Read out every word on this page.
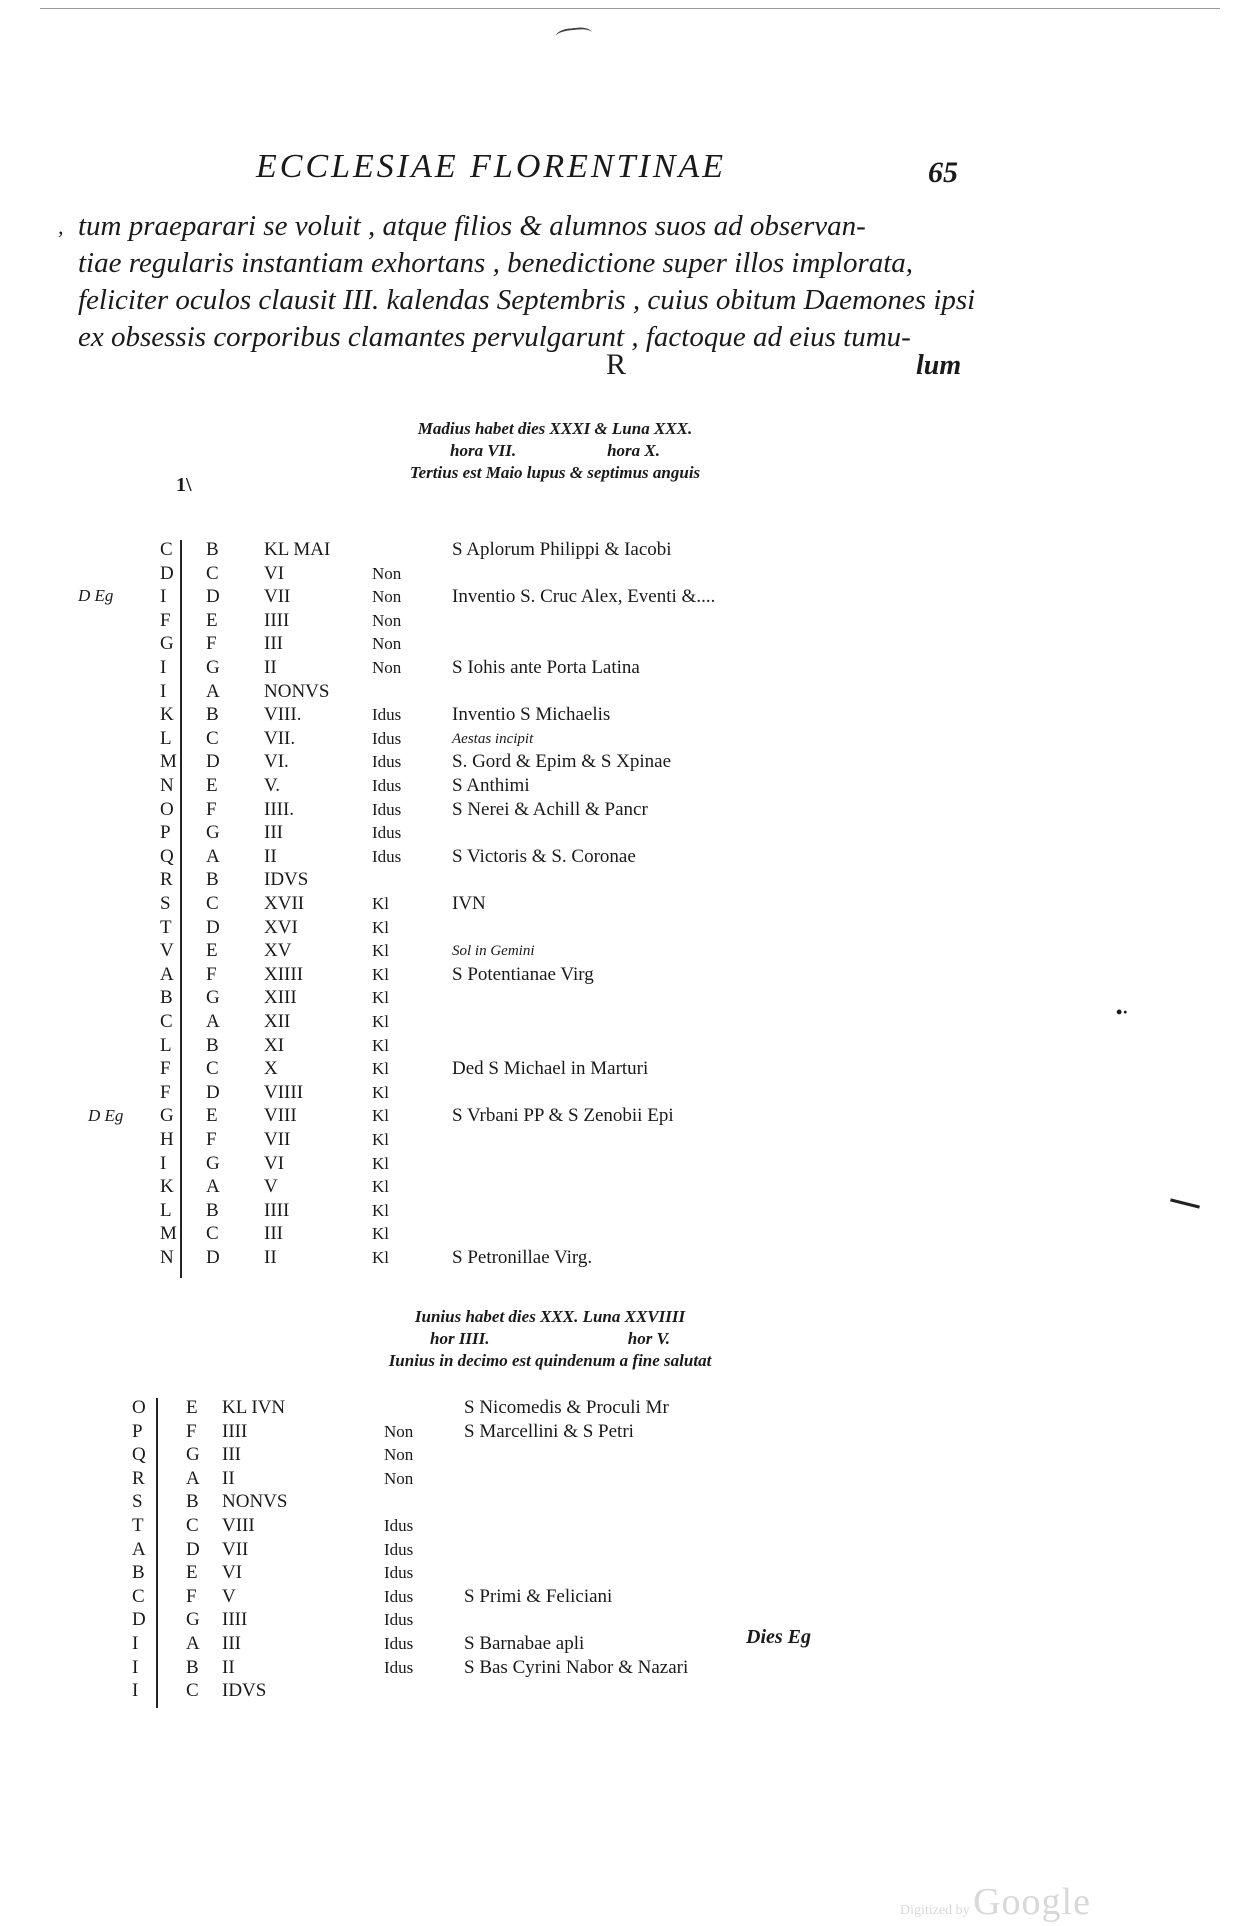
ECCLESIAE FLORENTINAE	65
, tum praeparari se voluit , atque filios & alumnos suos ad observan-
tiae regularis instantiam exhortans , benedictione super illos implorata,
feliciter oculos clausit III. kalendas Septembris , cuius obitum Daemones ipsi
ex obsessis corporibus clamantes pervulgarunt , factoque ad eius tumu-
R	lum
Madius habet dies XXXI & Luna XXX.
hora VII.	hora X.
Tertius est Maio lupus & septimus anguis
1\
D Eg
D Eg
C B KL MAI	S Aplorum Philippi & Iacobi
D C VI	Non
I D VII	Non	Inventio S. Cruc Alex, Eventi &....
F E IIII	Non
G F III	Non
I G II	Non	S Iohis ante Porta Latina
I A NONVS
K B VIII.	Idus	Inventio S Michaelis
L C VII.	Idus	Aestas incipit
M D VI.	Idus	S. Gord & Epim & S Xpinae
N E V.	Idus	S Anthimi
O F IIII.	Idus	S Nerei & Achill & Pancr
P G III	Idus
Q A II	Idus	S Victoris & S. Coronae
R B IDVS
S C XVII	Kl	IVN
T D XVI	Kl
V E XV	Kl	Sol in Gemini
A F XIIII	Kl	S Potentianae Virg
B G XIII	Kl
C A XII	Kl
L B XI	Kl
F C X	Kl	Ded S Michael in Marturi
F D VIIII	Kl
G E VIII	Kl	S Vrbani PP & S Zenobii Epi
H F VII	Kl
I G VI	Kl
K A V	Kl
L B IIII	Kl
M C III	Kl
N D II	Kl	S Petronillae Virg.
Iunius habet dies XXX. Luna XXVIIII
hor IIII.	hor V.
Iunius in decimo est quindenum a fine salutat
O E KL IVN	S Nicomedis & Proculi Mr
P F IIII	Non	S Marcellini & S Petri
Q G III	Non
R A II	Non
S B NONVS
T C VIII	Idus
A D VII	Idus
B E VI	Idus
C F V	Idus	S Primi & Feliciani
D G IIII	Idus
I	A III	Idus	S Barnabae apli
I	B II	Idus	S Bas Cyrini Nabor & Nazari
I	C IDVS
Dies Eg
•·
Digitized by Google
